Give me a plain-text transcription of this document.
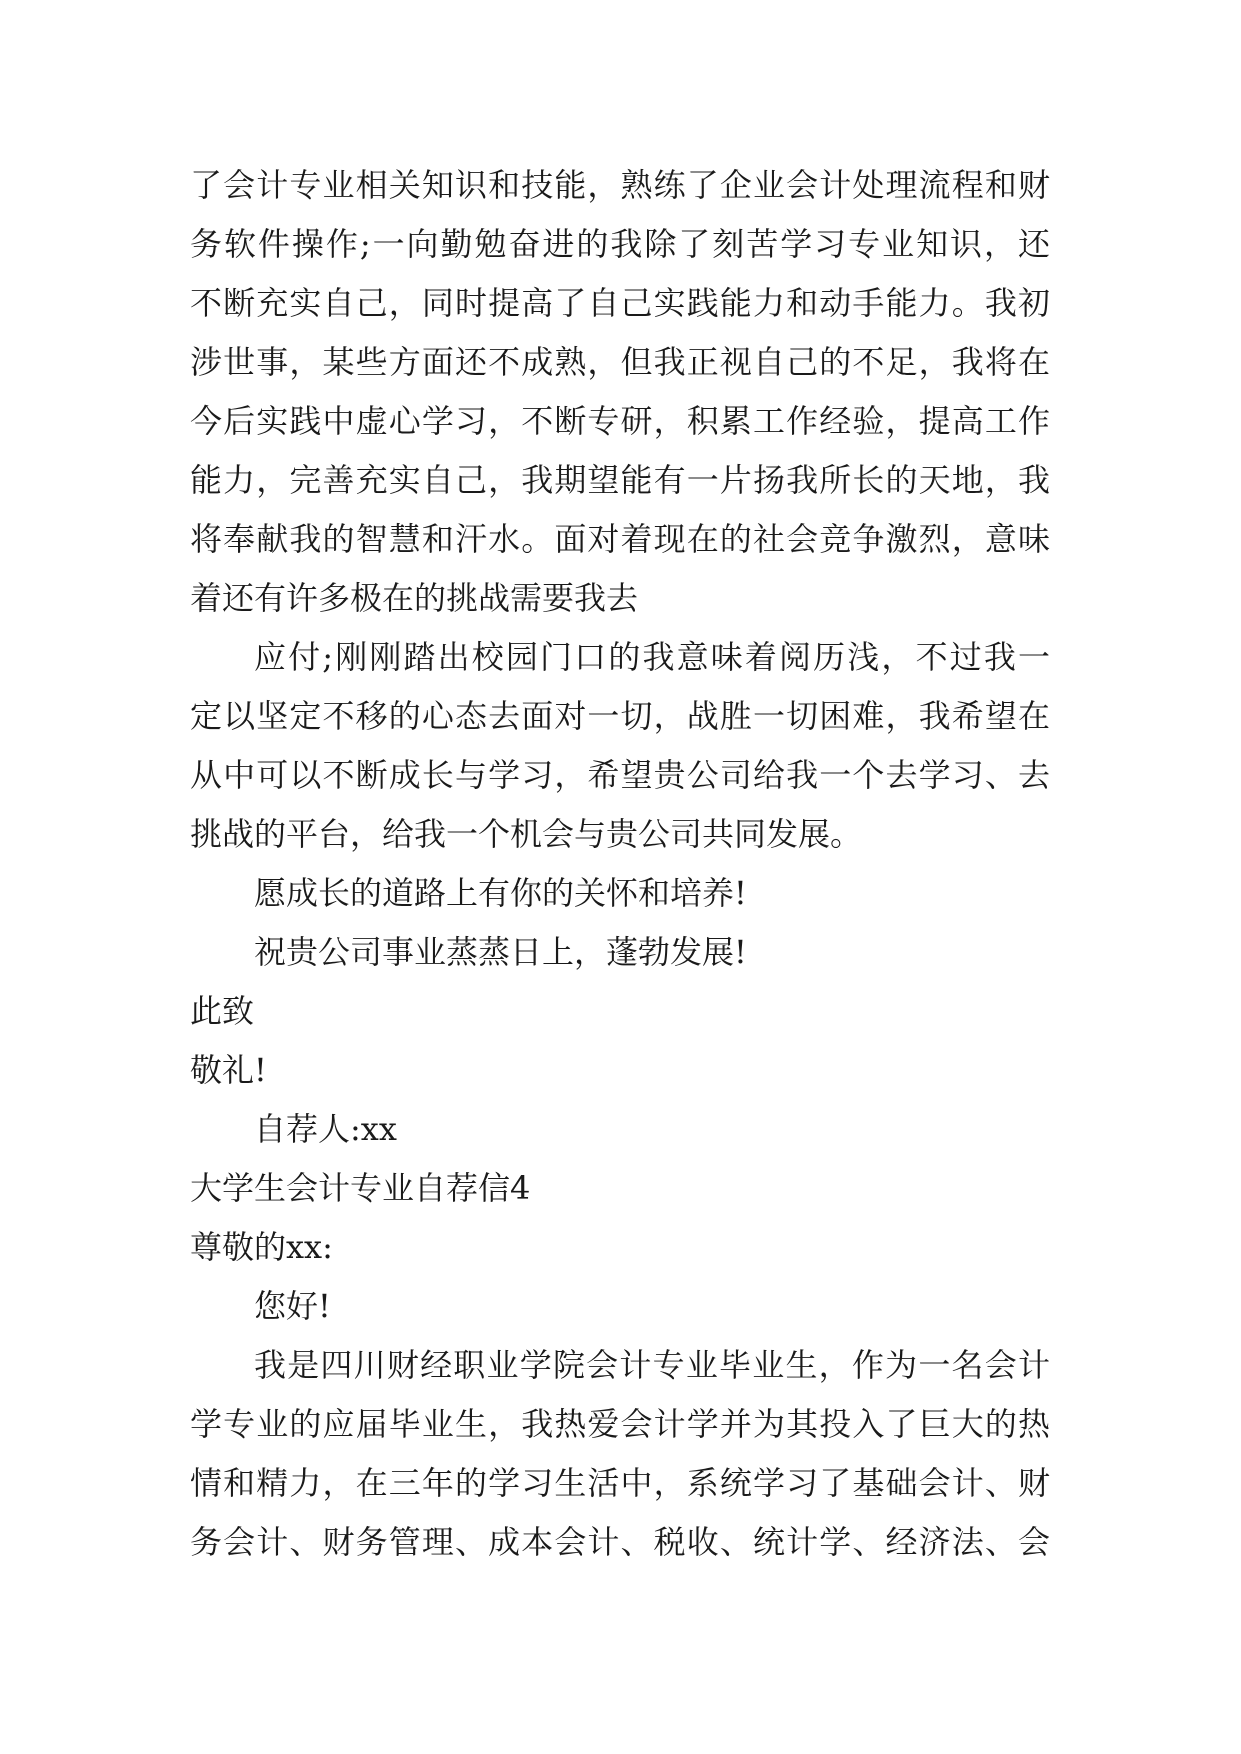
了会计专业相关知识和技能，熟练了企业会计处理流程和财
务软件操作;一向勤勉奋进的我除了刻苦学习专业知识，还
不断充实自己，同时提高了自己实践能力和动手能力。我初
涉世事，某些方面还不成熟，但我正视自己的不足，我将在
今后实践中虚心学习，不断专研，积累工作经验，提高工作
能力，完善充实自己，我期望能有一片扬我所长的天地，我
将奉献我的智慧和汗水。面对着现在的社会竞争激烈，意味
着还有许多极在的挑战需要我去
应付;刚刚踏出校园门口的我意味着阅历浅，不过我一
定以坚定不移的心态去面对一切，战胜一切困难，我希望在
从中可以不断成长与学习，希望贵公司给我一个去学习、去
挑战的平台，给我一个机会与贵公司共同发展。
愿成长的道路上有你的关怀和培养!
祝贵公司事业蒸蒸日上，蓬勃发展!
此致
敬礼!
自荐人:xx
大学生会计专业自荐信4
尊敬的xx:
您好!
我是四川财经职业学院会计专业毕业生，作为一名会计
学专业的应届毕业生，我热爱会计学并为其投入了巨大的热
情和精力，在三年的学习生活中，系统学习了基础会计、财
务会计、财务管理、成本会计、税收、统计学、经济法、会
